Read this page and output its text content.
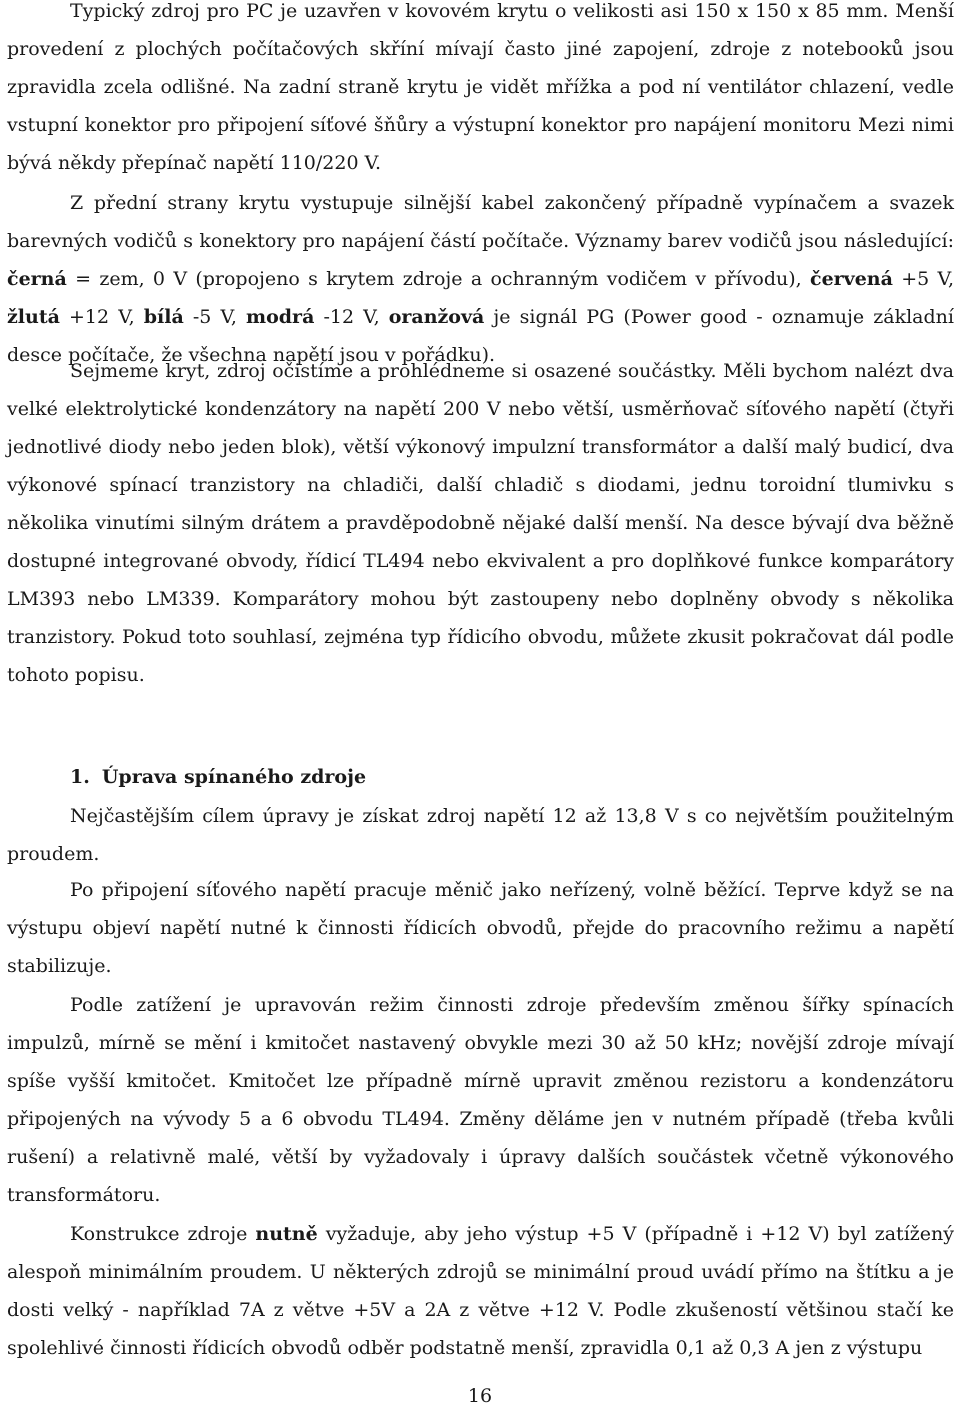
Typický zdroj pro PC je uzavřen v kovovém krytu o velikosti asi 150 x 150 x 85 mm. Menší provedení z plochých počítačových skříní mívají často jiné zapojení, zdroje z notebooků jsou zpravidla zcela odlišné. Na zadní straně krytu je vidět mřížka a pod ní ventilátor chlazení, vedle vstupní konektor pro připojení síťové šňůry a výstupní konektor pro napájení monitoru Mezi nimi bývá někdy přepínač napětí 110/220 V.

Z přední strany krytu vystupuje silnější kabel zakončený případně vypínačem a svazek barevných vodičů s konektory pro napájení částí počítače. Významy barev vodičů jsou následující: černá = zem, 0 V (propojeno s krytem zdroje a ochranným vodičem v přívodu), červená +5 V, žlutá +12 V, bílá -5 V, modrá -12 V, oranžová je signál PG (Power good - oznamuje základní desce počítače, že všechna napětí jsou v pořádku).

Sejmeme kryt, zdroj očistíme a prohlédneme si osazené součástky. Měli bychom nalézt dva velké elektrolytické kondenzátory na napětí 200 V nebo větší, usměrňovač síťového napětí (čtyři jednotlivé diody nebo jeden blok), větší výkonový impulzní transformátor a další malý budicí, dva výkonové spínací tranzistory na chladiči, další chladič s diodami, jednu toroidní tlumivku s několika vinutími silným drátem a pravděpodobně nějaké další menší. Na desce bývají dva běžně dostupné integrované obvody, řídicí TL494 nebo ekvivalent a pro doplňkové funkce komparátory LM393 nebo LM339. Komparátory mohou být zastoupeny nebo doplněny obvody s několika tranzistory. Pokud toto souhlasí, zejména typ řídicího obvodu, můžete zkusit pokračovat dál podle tohoto popisu.

1. Úprava spínaného zdroje

Nejčastějším cílem úpravy je získat zdroj napětí 12 až 13,8 V s co největším použitelným proudem.

Po připojení síťového napětí pracuje měnič jako neřízený, volně běžící. Teprve když se na výstupu objeví napětí nutné k činnosti řídicích obvodů, přejde do pracovního režimu a napětí stabilizuje.

Podle zatížení je upravován režim činnosti zdroje především změnou šířky spínacích impulzů, mírně se mění i kmitočet nastavený obvykle mezi 30 až 50 kHz; novější zdroje mívají spíše vyšší kmitočet. Kmitočet lze případně mírně upravit změnou rezistoru a kondenzátoru připojených na vývody 5 a 6 obvodu TL494. Změny děláme jen v nutném případě (třeba kvůli rušení) a relativně malé, větší by vyžadovaly i úpravy dalších součástek včetně výkonového transformátoru.

Konstrukce zdroje nutně vyžaduje, aby jeho výstup +5 V (případně i +12 V) byl zatížený alespoň minimálním proudem. U některých zdrojů se minimální proud uvádí přímo na štítku a je dosti velký - například 7A z větve +5V a 2A z větve +12 V. Podle zkušeností většinou stačí ke spolehlivé činnosti řídicích obvodů odběr podstatně menší, zpravidla 0,1 až 0,3 A jen z výstupu

16
